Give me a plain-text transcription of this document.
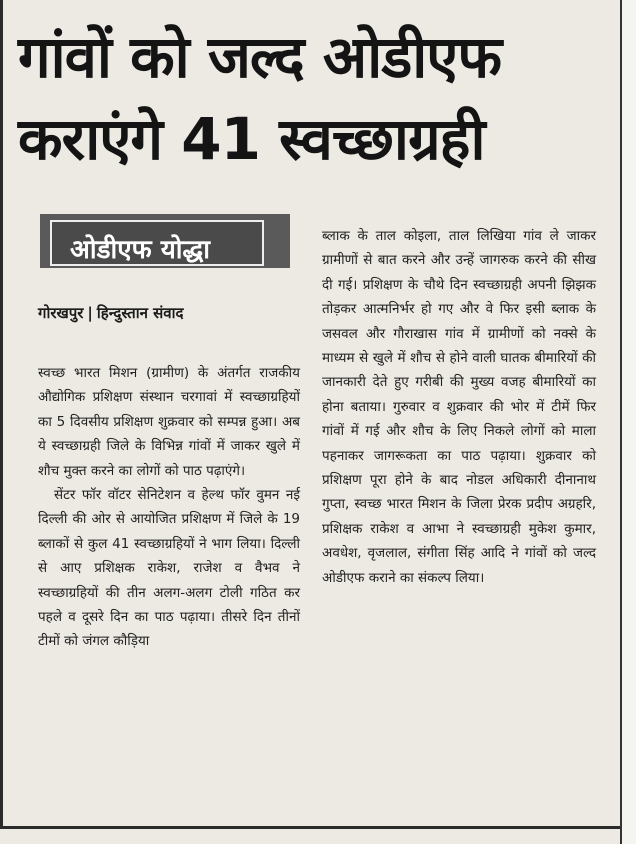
गांवों को जल्द ओडीएफ
कराएंगे 41 स्वच्छाग्रही
ओडीएफ योद्धा
गोरखपुर | हिन्दुस्तान संवाद

स्वच्छ भारत मिशन (ग्रामीण) के अंतर्गत राजकीय औद्योगिक प्रशिक्षण संस्थान चरगावां में स्वच्छाग्रहियों का 5 दिवसीय प्रशिक्षण शुक्रवार को सम्पन्न हुआ। अब ये स्वच्छाग्रही जिले के विभिन्न गांवों में जाकर खुले में शौच मुक्त करने का लोगों को पाठ पढ़ाएंगे।

सेंटर फॉर वॉटर सेनिटेशन व हेल्थ फॉर वुमन नई दिल्ली की ओर से आयोजित प्रशिक्षण में जिले के 19 ब्लाकों से कुल 41 स्वच्छाग्रहियों ने भाग लिया। दिल्ली से आए प्रशिक्षक राकेश, राजेश व वैभव ने स्वच्छाग्रहियों की तीन अलग-अलग टोली गठित कर पहले व दूसरे दिन का पाठ पढ़ाया। तीसरे दिन तीनों टीमों को जंगल कौड़िया

ब्लाक के ताल कोइला, ताल लिखिया गांव ले जाकर ग्रामीणों से बात करने और उन्हें जागरुक करने की सीख दी गई। प्रशिक्षण के चौथे दिन स्वच्छाग्रही अपनी झिझक तोड़कर आत्मनिर्भर हो गए और वे फिर इसी ब्लाक के जसवल और गौराखास गांव में ग्रामीणों को नक्से के माध्यम से खुले में शौच से होने वाली घातक बीमारियों की जानकारी देते हुए गरीबी की मुख्य वजह बीमारियों का होना बताया। गुरुवार व शुक्रवार की भोर में टीमें फिर गांवों में गई और शौच के लिए निकले लोगों को माला पहनाकर जागरूकता का पाठ पढ़ाया। शुक्रवार को प्रशिक्षण पूरा होने के बाद नोडल अधिकारी दीनानाथ गुप्ता, स्वच्छ भारत मिशन के जिला प्रेरक प्रदीप अग्रहरि, प्रशिक्षक राकेश व आभा ने स्वच्छाग्रही मुकेश कुमार, अवधेश, वृजलाल, संगीता सिंह आदि ने गांवों को जल्द ओडीएफ कराने का संकल्प लिया।
